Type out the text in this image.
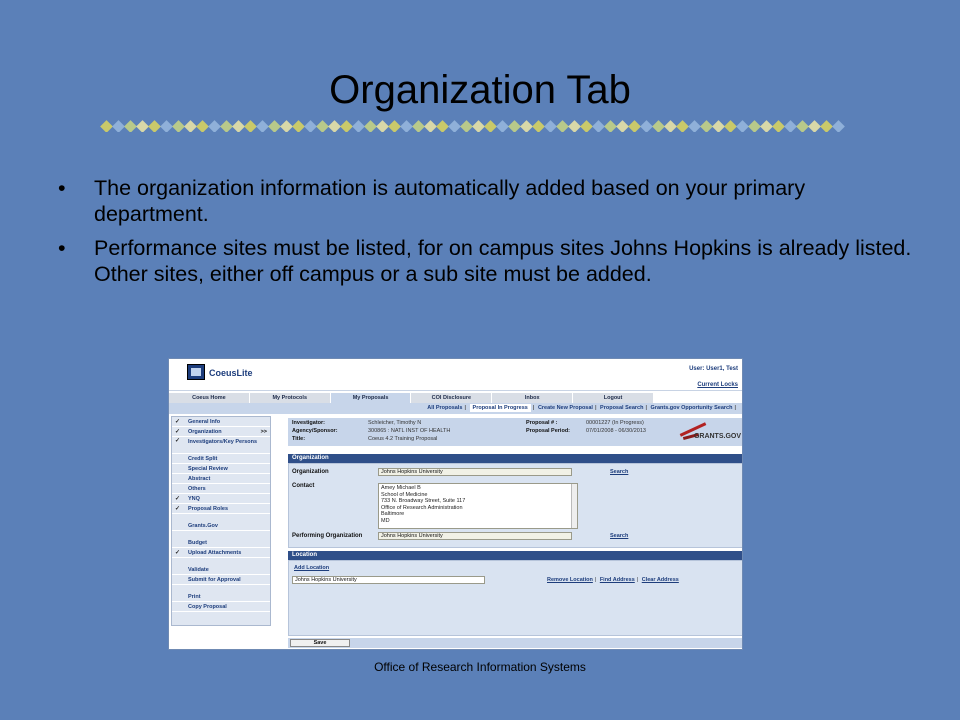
Organization Tab
• The organization information is automatically added based on your primary department.
• Performance sites must be listed, for on campus sites Johns Hopkins is already listed. Other sites, either off campus or a sub site must be added.
CoeusLite	User: User1, Test
Current Locks
Coeus Home	My Protocols	My Proposals	COI Disclosure	Inbox	Logout
All Proposals | Proposal In Progress | Create New Proposal | Proposal Search | Grants.gov Opportunity Search |
✓ General Info
✓ Organization	>>
✓ Investigators/Key Persons
Credit Split
Special Review
Abstract
Others
✓ YNQ
✓ Proposal Roles
Grants.Gov
Budget
✓ Upload Attachments
Validate
Submit for Approval
Print
Copy Proposal
Investigator:	Schleicher, Timothy N
Agency/Sponsor:	300865 : NATL INST OF HEALTH
Title:	Coeus 4.2 Training Proposal
Proposal # :	00001227 (In Progress)
Proposal Period:	07/01/2008 - 06/30/2013
GRANTS.GOV
Organization
Organization	Johns Hopkins University	Search
Contact	Amey Michael B
School of Medicine
733 N. Broadway Street, Suite 117
Office of Research Administration
Baltimore
MD
Performing Organization	Johns Hopkins University	Search
Location
Add Location
Johns Hopkins University	Remove Location | Find Address | Clear Address
Save
Office of Research Information Systems
